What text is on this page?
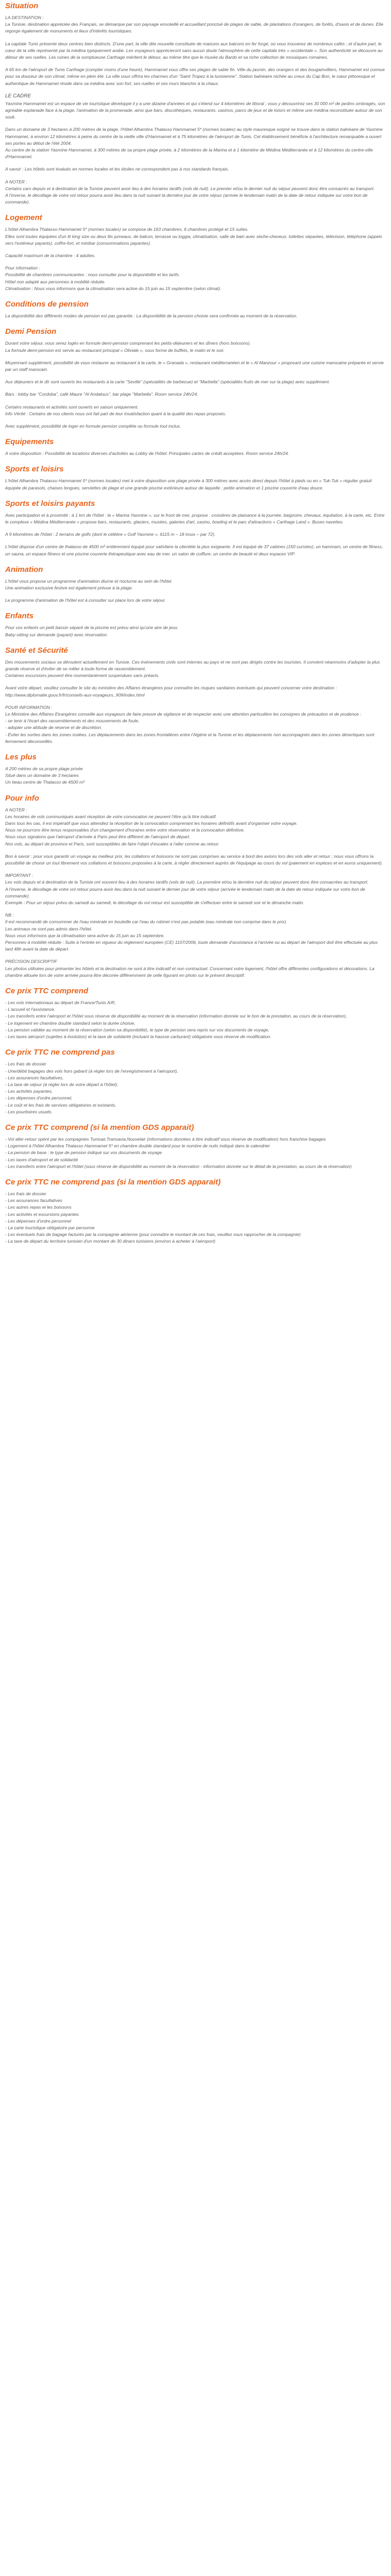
Situation
LA DESTINATION :
La Tunisie, destination appréciée des Français, se démarque par son paysage ensoleillé et accueillant ponctué de plages de sable, de plantations d'orangers, de forêts, d'oasis et de dunes. Elle regorge également de monuments et lieux d'intérêts touristiques.
La capitale Tunis présente deux centres bien distincts. D'une part, la ville dite nouvelle constituée de maisons aux balcons en fer forgé, où vous trouverez de nombreux cafés ; et d'autre part, le cœur de la ville représenté par la médina typiquement arabe. Les voyageurs apprécieront sans aucun doute l'atmosphère de cette capitale très « occidentale ». Son authenticité se découvre au détour de ses ruelles. Les ruines de la somptueuse Carthage méritent le détour, au même titre que le musée du Bardo et sa riche collection de mosaïques romaines.
A 65 km de l'aéroport de Tunis Carthage (compter moins d'une heure), Hammamet vous offre ses plages de sable fin. Ville du jasmin, des orangers et des bougainvilliers, Hammamet est connue pour sa douceur de son climat, même en plein été. La ville vous offrira les charmes d'un "Saint Tropez à la tunisienne". Station balnéaire nichée au creux du Cap Bon, le cœur pittoresque et authentique de Hammamet réside dans sa médina avec son fort, ses ruelles et ses murs blanchis à la chaux.
LE CADRE
Yasmine Hammamet est un espace de vie touristique développé il y a une dizaine d'années et qui s'étend sur 4 kilomètres de littoral ; vous y découvrirez ses 30 000 m² de jardins ombragés, son agréable esplanade face à la plage, l'animation de la promenade, ainsi que bars, discothèques, restaurants, casinos, parcs de jeux et de loisirs et même une médina reconstituée autour de son souk.
Dans un domaine de 3 hectares à 200 mètres de la plage, l'Hôtel Alhambra Thalasso Hammamet 5* (normes locales) au style mauresque soigné se trouve dans la station balnéaire de Yasmine Hammamet, à environ 12 kilomètres à peine du centre de la vieille ville d'Hammamet et à 75 kilomètres de l'aéroport de Tunis. Cet établissement bénéficie à l'architecture remarquable a ouvert ses portes au début de l'été 2004.
Au centre de la station Yasmine Hammamet, à 300 mètres de sa propre plage privée, à 2 kilomètres de la Marina et à 1 kilomètre de Médina Méditerranée et à 12 kilomètres du centre-ville d'Hammamet.
A savoir : Les hôtels sont évalués en normes locales et les étoiles ne correspondent pas à nos standards français.
A NOTER :
Certains cars depuis et à destination de la Tunisie peuvent avoir lieu à des horaires tardifs (vols de nuit). Le premier et/ou le dernier nuit du séjour peuvent donc être consacrés au transport.
A l'inverse, le décollage de votre vol retour pourra avoir lieu dans la nuit suivant la dernière jour de votre séjour (arrivée le lendemain matin de la date de retour indiquée sur votre bon de commande).
Logement
L'hôtel Alhambra Thalasso Hammamet 5* (normes locales) se compose de 163 chambres, 6 chambres protégé et 15 suites.
Elles sont toutes équipées d'un lit king size ou deux lits jumeaux, de balcon, terrasse ou loggia, climatisation, salle de bain avec sèche-cheveux, toilettes séparées, télévision, téléphone (appels vers l'extérieur payants), coffre-fort, et minibar (consommations payantes).
Capacité maximum de la chambre : 4 adultes.
Pour information :
Possibilité de chambres communicantes : nous consulter pour la disponibilité et les tarifs.
Hôtel non adapté aux personnes à mobilité réduite.
Climatisation : Nous vous informons que la climatisation sera active du 15 juin au 15 septembre (selon climat).
Conditions de pension
La disponibilité des différents modes de pension est pas garantie : La disponibilité de la pension choisie sera confirmée au moment de la réservation.
Demi Pension
Durant votre séjour, vous serez logés en formule demi-pension comprenant les petits-déjeuners et les dîners (hors boissons).
La formule demi-pension est servie au restaurant principal « Oliviale », sous forme de buffets, le matin et le soir.
Moyennant supplément, possibilité de vous restaurer au restaurant à la carte, le « Granada », restaurant méditerranéen et le « Al Manzour » proposant une cuisine marocaine préparée et servie par un staff marocain.
Aux déjeuners et le dîr sont ouverts les restaurants à la carte "Seville" (spécialités de barbecue) et "Marbella" (spécialités fruits de mer sur la plage) avec supplément.
Bars : lobby bar "Cordoba", café Maure "Al Andalous", bar plage "Marbella". Room service 24h/24.
Certains restaurants et activités sont ouverts en saison uniquement.
Info Vérité : Certains de nos clients nous ont fait part de leur insatisfaction quant à la qualité des repas proposés.
Avec supplément, possibilité de loger en formule pension complète ou formule tout inclus.
Equipements
A votre disposition : Possibilité de locations diverses d'activités au Lobby de l'hôtel. Principales cartes de crédit acceptées. Room service 24h/24.
Sports et loisirs
L'hôtel Alhambra Thalasso Hammamet 5* (normes locales) met à votre disposition une plage privée à 300 mètres avec accès direct depuis l'hôtel à pieds ou en « Tuk-Tuk » régulier gratuit équipée de parasols, chaises longues, serviettes de plage et une grande piscine extérieure autour de laquelle : petite animation et 1 piscine couverte d'eau douce.
Sports et loisirs payants
Avec participation et à proximité : à 1 km de l'hôtel : le « Marina Yasmine », sur le front de mer, propose : croisières de plaisance à la journée, baignoire, chevaux, équitation, à la carte, etc. Entre le complexe « Médina Méditerranée » propose bars, restaurants, glaciers, musées, galeries d'art, casino, bowling et le parc d'attractions « Carthage Land ». Buses navettes.
A 9 kilomètres de l'hôtel : 2 terrains de golfs (dont le célèbre « Golf Yasmine », 6115 m – 18 trous – par 72).
L'hôtel dispose d'un centre de thalasso de 4500 m² entièrement équipé pour satisfaire la clientèle la plus exigeante. Il est équipé de 37 cabines (150 curistes), un hammam, un centre de fitness, un sauna, un espace fitness et une piscine couverte thérapeutique avec eau de mer, un salon de coiffure, un centre de beauté et deux espaces VIP.
Animation
L'hôtel vous propose un programme d'animation diurne et nocturne au sein de l'hôtel.
Une animation exclusive festive est également prévue à la plage.
Le programme d'animation de l'hôtel est à consulter sur place lors de votre séjour.
Enfants
Pour vos enfants un petit bassin séparé de la piscine est prévu ainsi qu'une aire de jeux.
Baby-sitting sur demande (payant) avec réservation.
Santé et Sécurité
Des mouvements sociaux se déroulent actuellement en Tunisie. Ces événements civils sont internes au pays et ne sont pas dirigés contre les touristes. Il convient néanmoins d'adopter la plus grande réserve et d'éviter de se mêler à toute forme de rassemblement.
Certaines excursions peuvent être momentanément suspendues sans préavis.
Avant votre départ, veuillez consulter le site du ministère des Affaires étrangères pour connaître les risques sanitaires éventuels qui peuvent concerner votre destination : http://www.diplomatie.gouv.fr/fr/conseils-aux-voyageurs_909/index.html
POUR INFORMATION :
Le Ministère des Affaires Etrangères conseille aux voyageurs de faire preuve de vigilance et de respecter avec une attention particulière les consignes de précaution et de prudence :
- se tenir à l'écart des rassemblements et des mouvements de foule,
- adopter une attitude de réserve et de discrétion.
- Éviter les sorties dans les zones isolées. Les déplacements dans les zones frontalières entre l'Algérie et la Tunisie et les déplacements non accompagnés dans les zones désertiques sont fermement déconseillés.
Les plus
A 200 mètres de sa propre plage privée
Situé dans un domaine de 3 hectares
Un beau centre de Thalasso de 4500 m²
Pour info
A NOTER :
Les horaires de vols communiqués avant réception de votre convocation ne peuvent l'être qu'à titre indicatif.
Dans tous les cas, il est impératif que vous attendiez la réception de la convocation comprenant les horaires définitifs avant d'organiser votre voyage.
Nous ne pourrons être tenus responsables d'un changement d'horaires entre votre réservation et la convocation définitive.
Nous vous signalons que l'aéroport d'arrivée à Paris peut être différent de l'aéroport de départ.
Nos vols, au départ de province et Paris, sont susceptibles de faire l'objet d'escales à l'aller comme au retour.
Bon à savoir : pour vous garantir un voyage au meilleur prix, les collations et boissons ne sont pas comprises au service à bord des avions lors des vols aller et retour ; nous vous offrons la possibilité de choisir un tout librement vos collations et boissons proposées à la carte, à régler directement auprès de l'équipage au cours du vol (paiement en espèces et en euros uniquement).
IMPORTANT :
Les vols depuis et à destination de la Tunisie ont souvent lieu à des horaires tardifs (vols de nuit). La première et/ou la dernière nuit du séjour peuvent donc être consacrées au transport.
A l'inverse, le décollage de votre vol retour pourra avoir lieu dans la nuit suivant le dernier jour de votre séjour (arrivée le lendemain matin de la date de retour indiquée sur votre bon de commande).
Exemple : Pour un séjour prévu du samedi au samedi, le décollage du vol retour est susceptible de s'effectuer entre le samedi soir et le dimanche matin.
NB :
Il est recommandé de consommer de l'eau minérale en bouteille car l'eau du robinet n'est pas potable (eau minérale non comprise dans le prix).
Les animaux ne sont pas admis dans l'hôtel.
Nous vous informons que la climatisation sera active du 15 juin au 15 septembre.
Personnes à mobilité réduite : Suite à l'entrée en vigueur du règlement européen (CE) 1107/2006, toute demande d'assistance à l'arrivée ou au départ de l'aéroport doit être effectuée au plus tard 48h avant la date de départ.
PRÉCISION DESCRIPTIF
Les photos utilisées pour présenter les hôtels et la destination ne sont à titre indicatif et non contractuel. Concernant votre logement, l'hôtel offre différentes configurations et décorations. La chambre allouée lors de votre arrivée pourra être décorée différemment de celle figurant en photo sur le présent descriptif.
Ce prix TTC comprend
- Les vols internationaux au départ de France/Tunis A/R,
- L'accueil et l'assistance,
- Les transferts entre l'aéroport et l'hôtel sous réserve de disponibilité au moment de la réservation (information donnée sur le bon de la prestation, au cours de la réservation),
- Le logement en chambre double standard selon la durée choisie,
- La pension validée au moment de la réservation (selon sa disponibilité), le type de pension sera repris sur vos documents de voyage,
- Les taxes aéroport (sujettes à évolution) et la taxe de solidarité (incluant la hausse carburant) obligatoire sous réserve de modification.
Ce prix TTC ne comprend pas
- Les frais de dossier
- Une/débit bagages des vols hors gabarit (à régler lors de l'enregistrement à l'aéroport),
- Les assurances facultatives,
- La taxe de séjour (à régler lors de votre départ à l'hôtel),
- Les activités payantes,
- Les dépenses d'ordre personnel,
- Le coût et les frais de services obligatoires et existants,
- Les pourboires usuels.
Ce prix TTC comprend (si la mention GDS apparait)
- Vol aller-retour opéré par les compagnies Tunisair,Transavia,Nouvelair (informations données à titre indicatif sous réserve de modification) hors franchise bagages
- Logement à l'hôtel Alhambra Thalasso Hammamet 5* en chambre double standard pour le nombre de nuits indiqué dans le calendrier
- La pension de base : le type de pension indiqué sur vos documents de voyage
- Les taxes d'aéroport et de solidarité
- Les transferts entre l'aéroport et l'hôtel (sous réserve de disponibilité au moment de la réservation - information donnée sur le détail de la prestation, au cours de la réservation)
Ce prix TTC ne comprend pas (si la mention GDS apparait)
- Les frais de dossier
- Les assurances facultatives
- Les autres repas et les boissons
- Les activités et excursions payantes
- Les dépenses d'ordre personnel
- La carte touristique obligatoire par personne
- Les éventuels frais de bagage facturés par la compagnie aérienne (pour connaître le montant de ces frais, veuillez vous rapprocher de la compagnie)
- La taxe de départ du territoire tunisien d'un montant de 30 dinars tunisiens (environ à acheter à l'aéroport)
